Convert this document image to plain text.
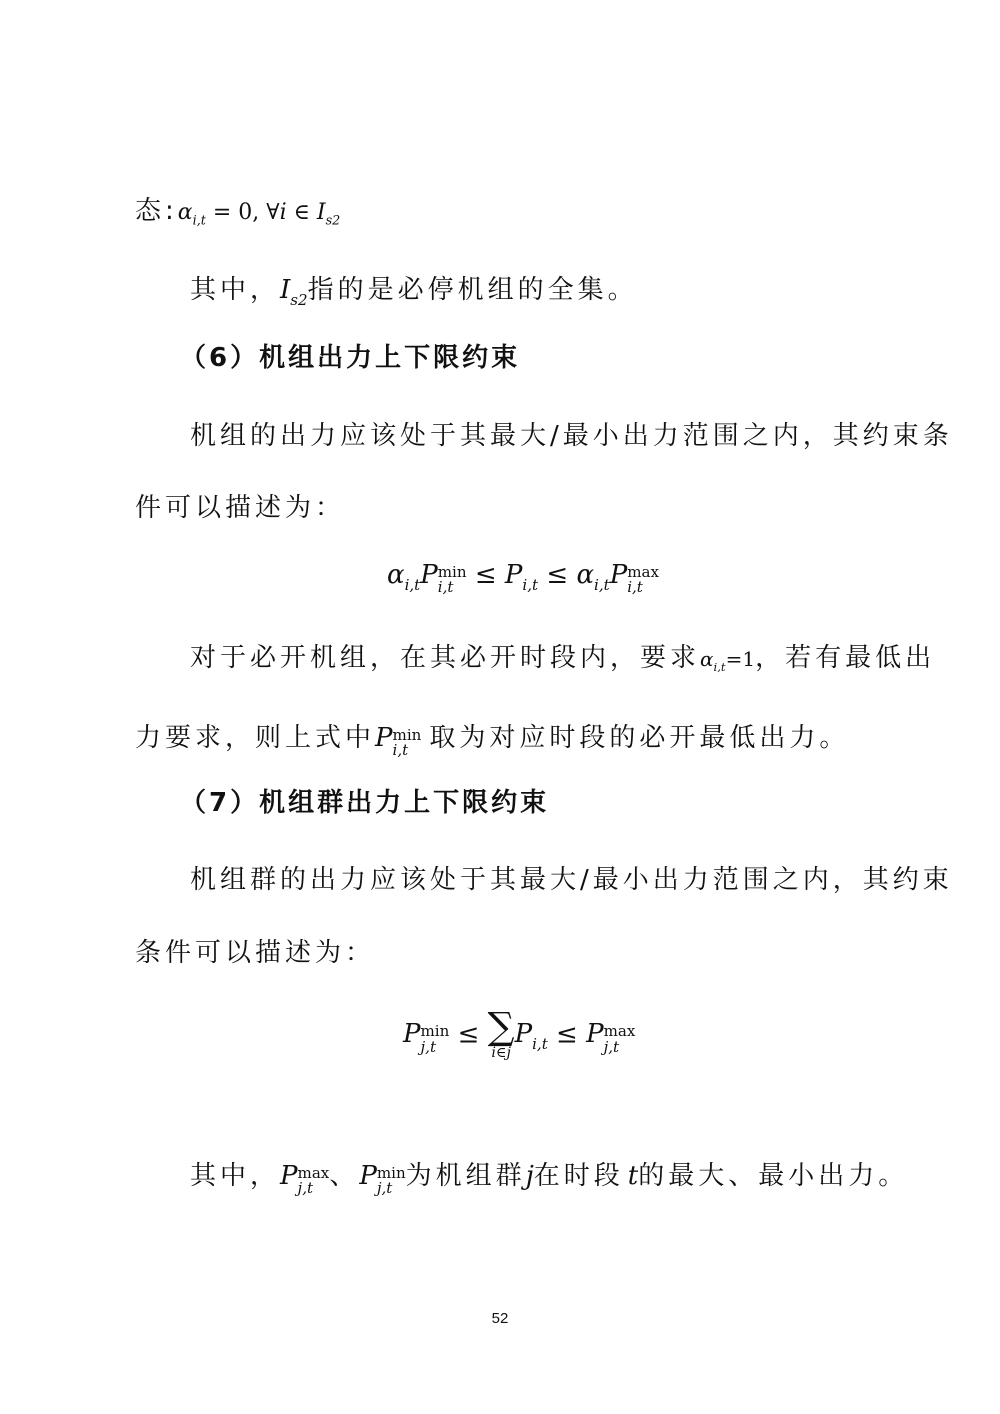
态$:\alpha_{i,t} = 0$, ∀i ∈ $I_{s2}$
其中，$I_{s2}$指的是必停机组的全集。
（6）机组出力上下限约束
机组的出力应该处于其最大/最小出力范围之内，其约束条
件可以描述为：
$\alpha_{i,t}P$ min
$i,t \le P_{i,t} \le \alpha_{i,t}P$ max
i,t
对于必开机组，在其必开时段内，要求$\alpha_{i,t}=1$，若有最低出
力要求，则上式中P min
i,t 取为对应时段的必开最低出力。
（7）机组群出力上下限约束
机组群的出力应该处于其最大/最小出力范围之内，其约束
条件可以描述为：
P min
j,t ≤ ∑
i∈j
$P_{i,t} \le P$ max
j,t
其中，P max
j,t 、P min
j,t 为机组群j在时段 t的最大、最小出力。
52
